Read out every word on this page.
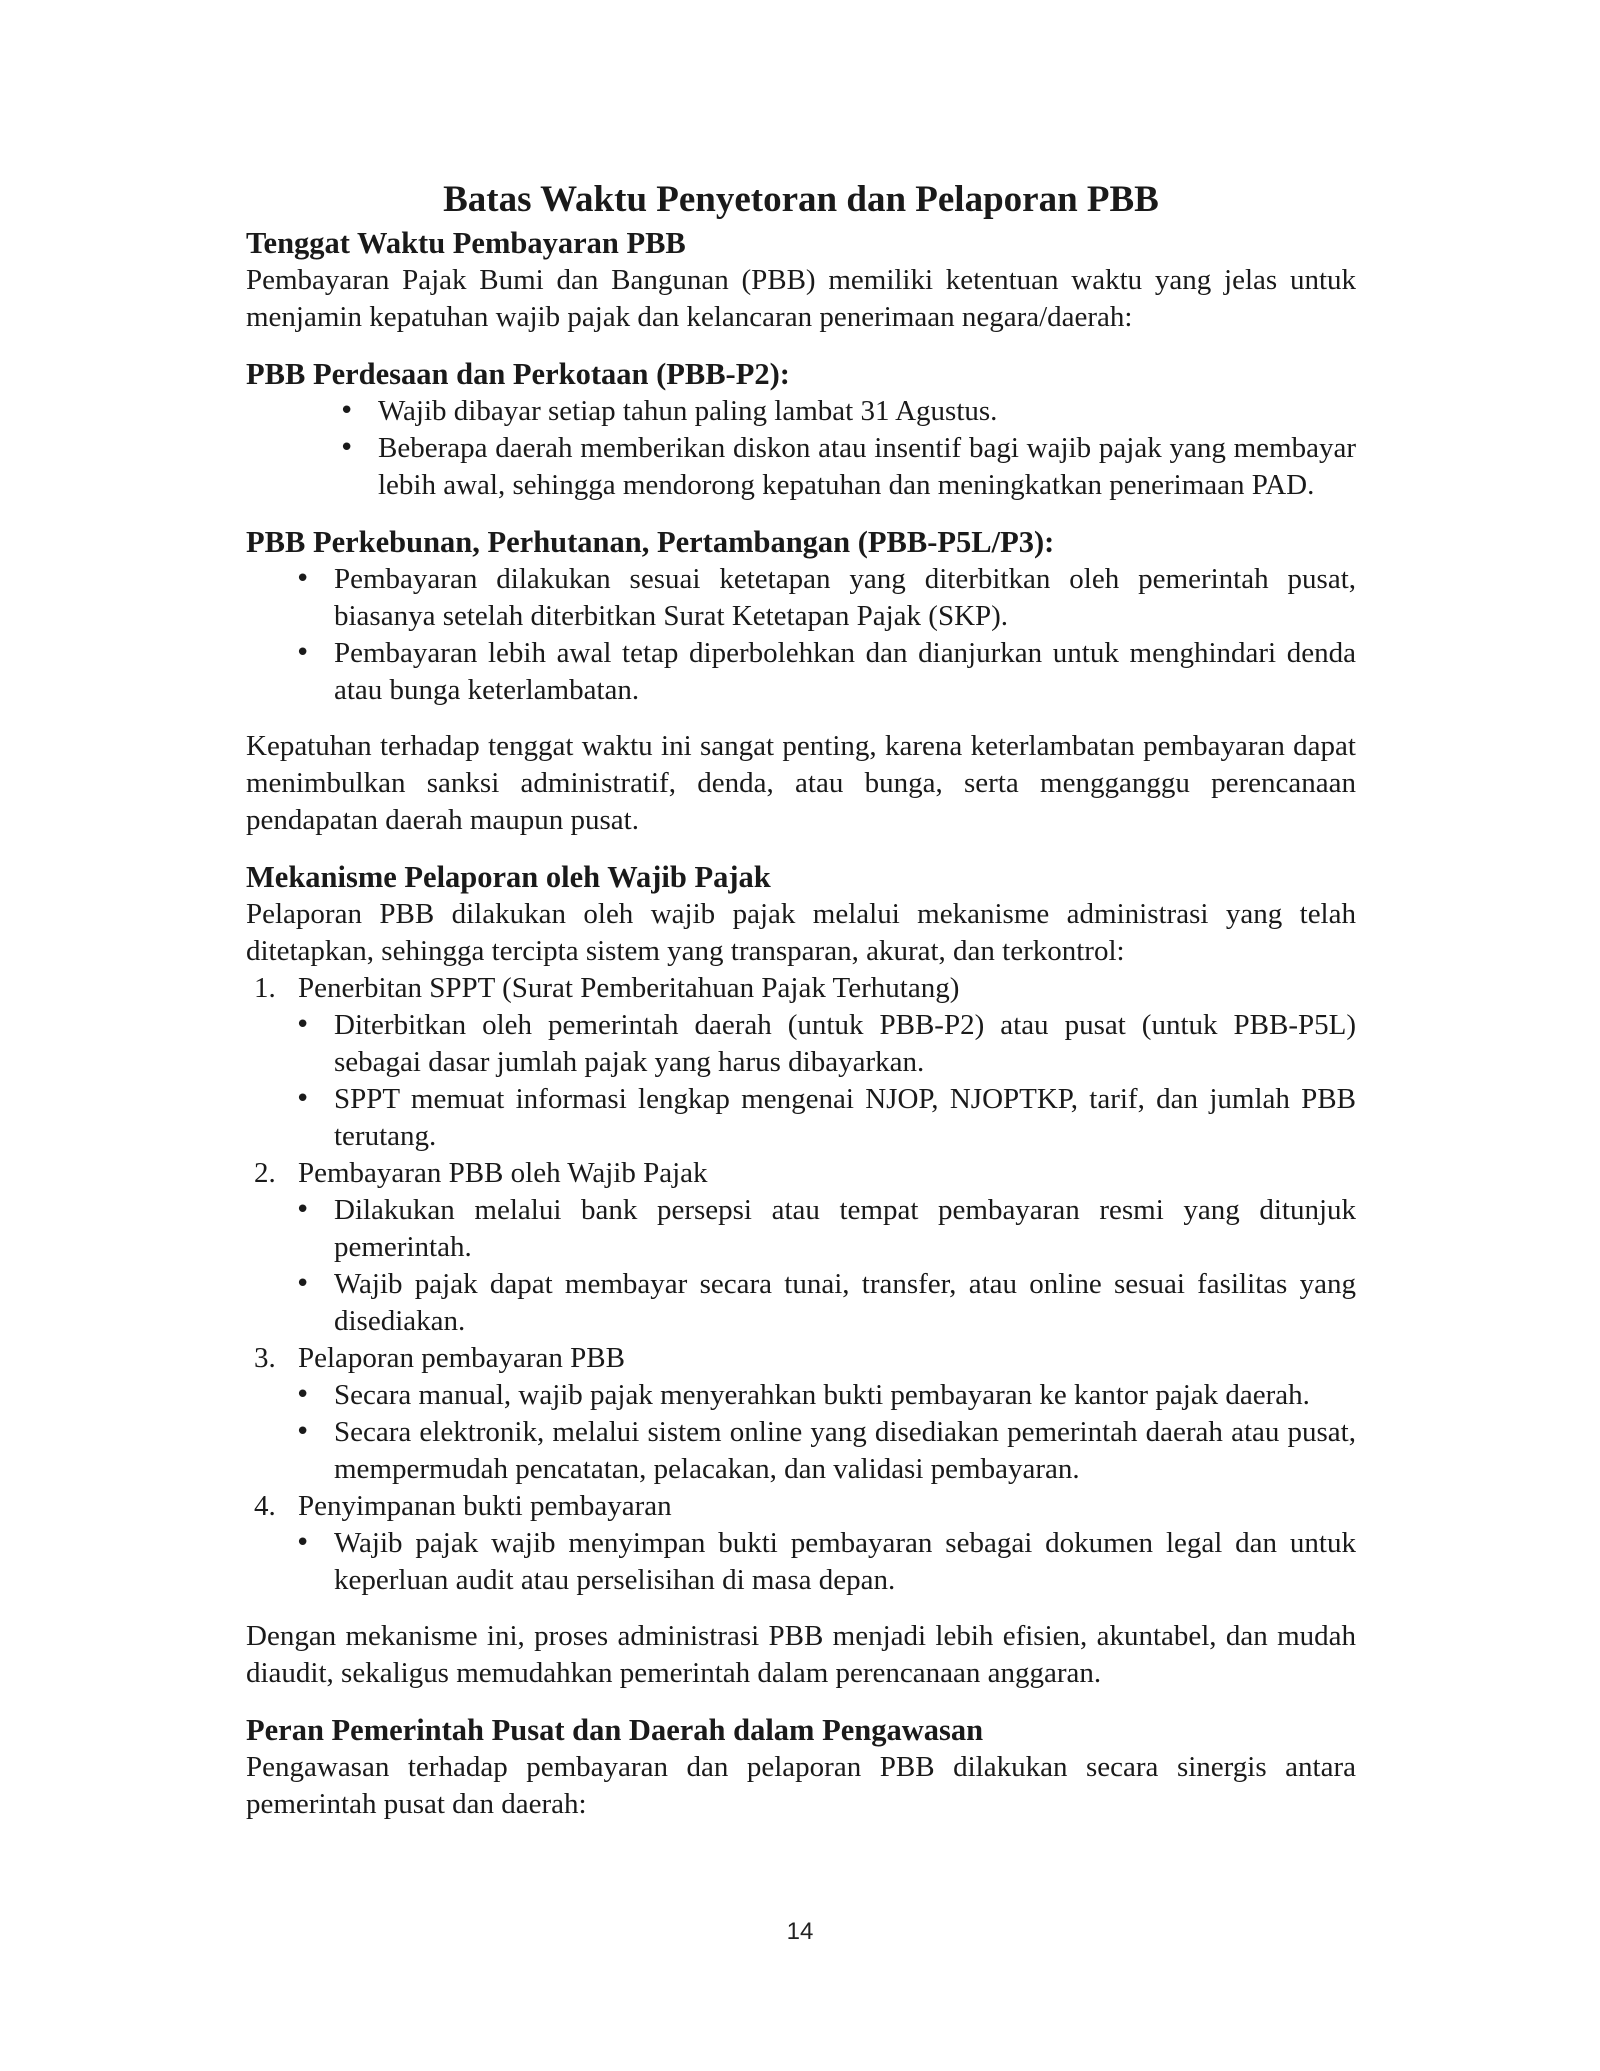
Batas Waktu Penyetoran dan Pelaporan PBB
Tenggat Waktu Pembayaran PBB

Pembayaran Pajak Bumi dan Bangunan (PBB) memiliki ketentuan waktu yang jelas untuk menjamin kepatuhan wajib pajak dan kelancaran penerimaan negara/daerah:

PBB Perdesaan dan Perkotaan (PBB-P2):
• Wajib dibayar setiap tahun paling lambat 31 Agustus.
• Beberapa daerah memberikan diskon atau insentif bagi wajib pajak yang membayar lebih awal, sehingga mendorong kepatuhan dan meningkatkan penerimaan PAD.
PBB Perkebunan, Perhutanan, Pertambangan (PBB-P5L/P3):
• Pembayaran dilakukan sesuai ketetapan yang diterbitkan oleh pemerintah pusat, biasanya setelah diterbitkan Surat Ketetapan Pajak (SKP).
• Pembayaran lebih awal tetap diperbolehkan dan dianjurkan untuk menghindari denda atau bunga keterlambatan.

Kepatuhan terhadap tenggat waktu ini sangat penting, karena keterlambatan pembayaran dapat menimbulkan sanksi administratif, denda, atau bunga, serta mengganggu perencanaan pendapatan daerah maupun pusat.

Mekanisme Pelaporan oleh Wajib Pajak

Pelaporan PBB dilakukan oleh wajib pajak melalui mekanisme administrasi yang telah ditetapkan, sehingga tercipta sistem yang transparan, akurat, dan terkontrol:

1. Penerbitan SPPT (Surat Pemberitahuan Pajak Terhutang)
• Diterbitkan oleh pemerintah daerah (untuk PBB-P2) atau pusat (untuk PBB-P5L) sebagai dasar jumlah pajak yang harus dibayarkan.
• SPPT memuat informasi lengkap mengenai NJOP, NJOPTKP, tarif, dan jumlah PBB terutang.
2. Pembayaran PBB oleh Wajib Pajak
• Dilakukan melalui bank persepsi atau tempat pembayaran resmi yang ditunjuk pemerintah.
• Wajib pajak dapat membayar secara tunai, transfer, atau online sesuai fasilitas yang disediakan.
3. Pelaporan pembayaran PBB
• Secara manual, wajib pajak menyerahkan bukti pembayaran ke kantor pajak daerah.
• Secara elektronik, melalui sistem online yang disediakan pemerintah daerah atau pusat, mempermudah pencatatan, pelacakan, dan validasi pembayaran.
4. Penyimpanan bukti pembayaran
• Wajib pajak wajib menyimpan bukti pembayaran sebagai dokumen legal dan untuk keperluan audit atau perselisihan di masa depan.

Dengan mekanisme ini, proses administrasi PBB menjadi lebih efisien, akuntabel, dan mudah diaudit, sekaligus memudahkan pemerintah dalam perencanaan anggaran.

Peran Pemerintah Pusat dan Daerah dalam Pengawasan

Pengawasan terhadap pembayaran dan pelaporan PBB dilakukan secara sinergis antara pemerintah pusat dan daerah:

14
